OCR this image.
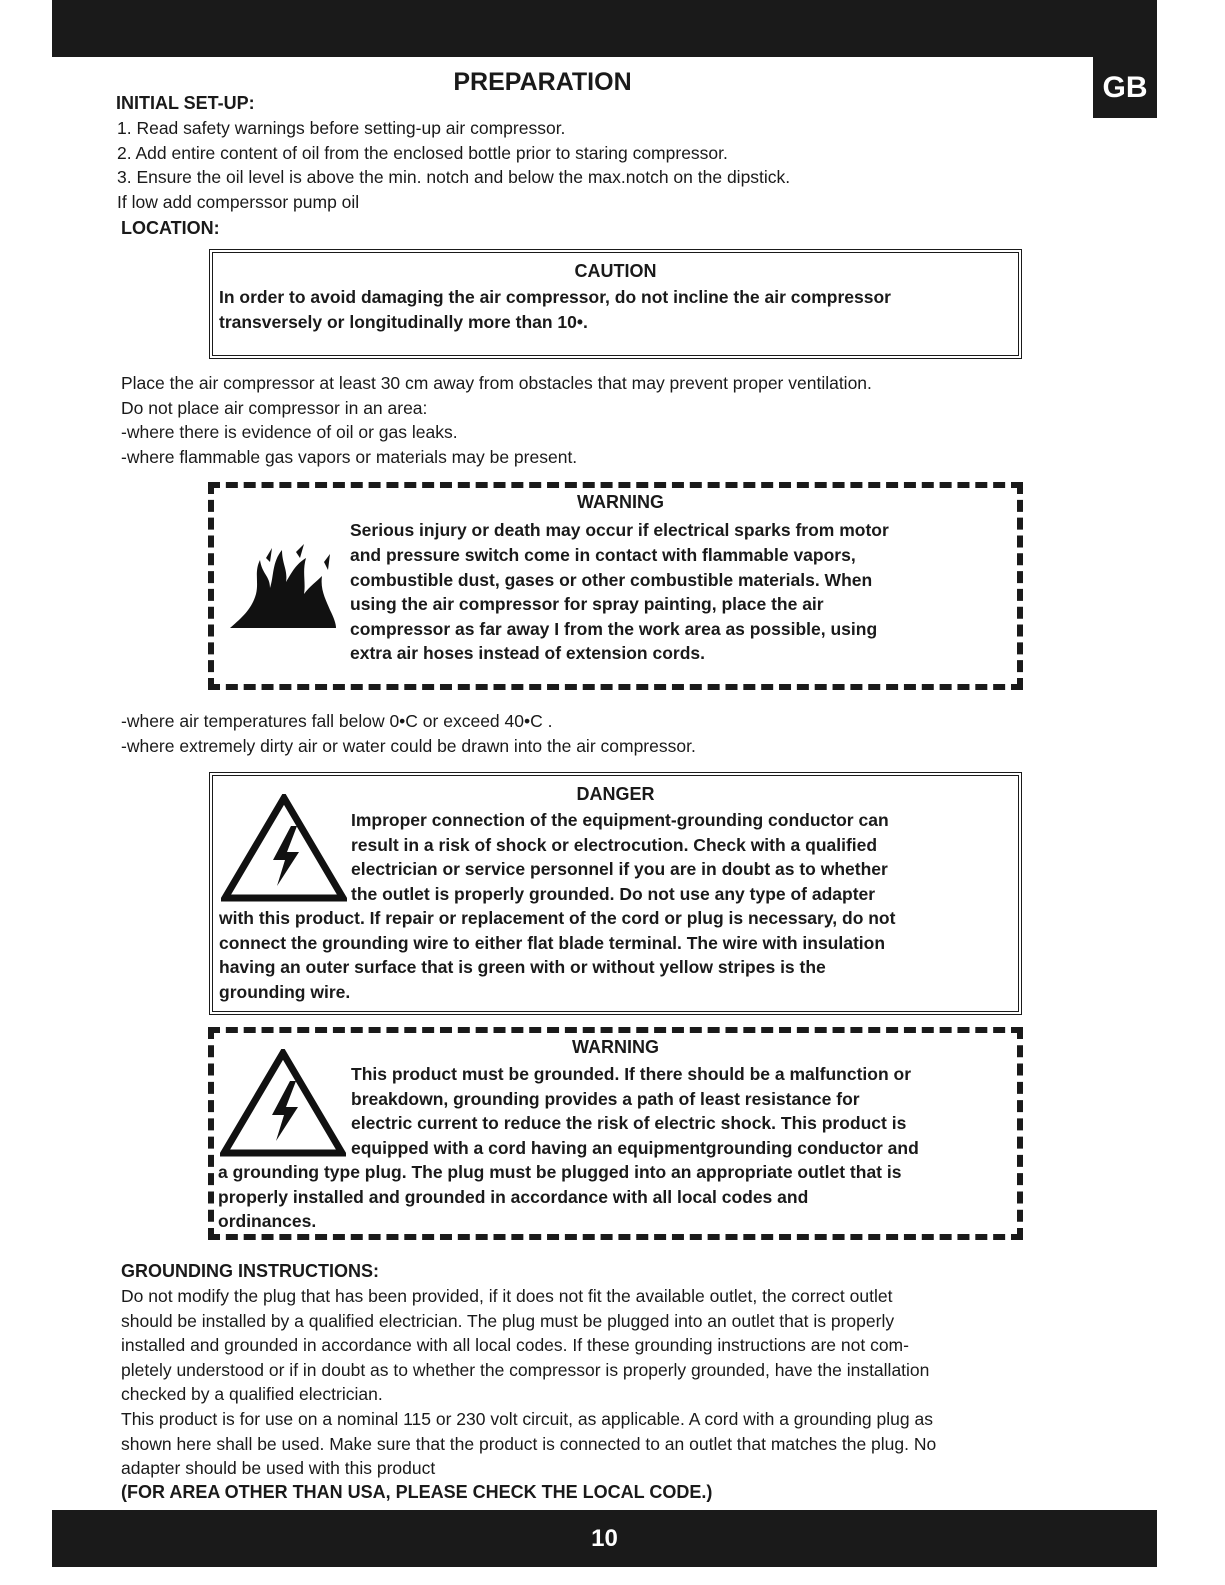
GB
PREPARATION
INITIAL SET-UP:
1. Read safety warnings before setting-up air compressor.
2. Add entire content of oil from the enclosed bottle prior to staring compressor.
3. Ensure the oil level is above the min. notch and below the max.notch on the dipstick.
If low add comperssor pump oil
LOCATION:
CAUTION
In order to avoid damaging the air compressor, do not incline the air compressor
transversely or longitudinally more than 10•.
Place the air compressor at least 30 cm away from obstacles that may prevent proper ventilation.
Do not place air compressor in an area:
-where there is evidence of oil or gas leaks.
-where flammable gas vapors or materials may be present.
WARNING
Serious injury or death may occur if electrical sparks from motor
and pressure switch come in contact with flammable vapors,
combustible dust, gases or other combustible materials. When
using the air compressor for spray painting, place the air
compressor as far away I from the work area as possible, using
extra air hoses instead of extension cords.
-where air temperatures fall below 0•C or exceed 40•C .
-where extremely dirty air or water could be drawn into the air compressor.
DANGER
Improper connection of the equipment-grounding conductor can
result in a risk of shock or electrocution. Check with a qualified
electrician or service personnel if you are in doubt as to whether
the outlet is properly grounded. Do not use any type of adapter
with this product. If repair or replacement of the cord or plug is necessary, do not
connect the grounding wire to either flat blade terminal. The wire with insulation
having an outer surface that is green with or without yellow stripes is the
grounding wire.
WARNING
This product must be grounded. If there should be a malfunction or
breakdown, grounding provides a path of least resistance for
electric current to reduce the risk of electric shock. This product is
equipped with a cord having an equipmentgrounding conductor and
a grounding type plug. The plug must be plugged into an appropriate outlet that is
properly installed and grounded in accordance with all local codes and
ordinances.
GROUNDING INSTRUCTIONS:
Do not modify the plug that has been provided, if it does not fit the available outlet, the correct outlet
should be installed by a qualified electrician. The plug must be plugged into an outlet that is properly
installed and grounded in accordance with all local codes. If these grounding instructions are not com-
pletely understood or if in doubt as to whether the compressor is properly grounded, have the installation
checked by a qualified electrician.
This product is for use on a nominal 115 or 230 volt circuit, as applicable. A cord with a grounding plug as
shown here shall be used. Make sure that the product is connected to an outlet that matches the plug. No
adapter should be used with this product
(FOR AREA OTHER THAN USA, PLEASE CHECK THE LOCAL CODE.)
10
